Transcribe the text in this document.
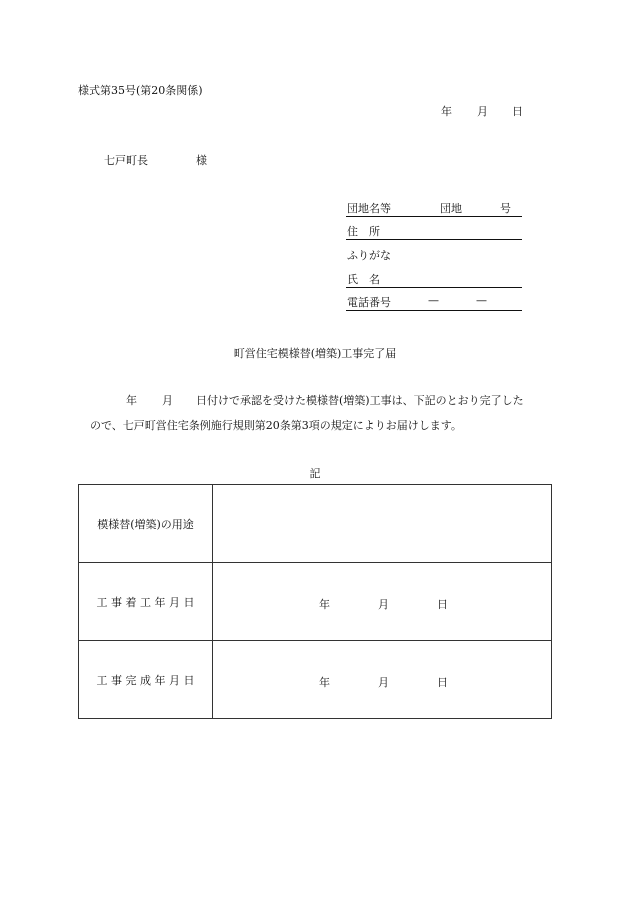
様式第35号(第20条関係)
年 月 日
七戸町長	様
団地名等	団地	号
住　所
ふりがな
氏　名
電話番号	—	—
町営住宅模様替(増築)工事完了届
年 月 日付けで承認を受けた模様替(増築)工事は、下記のとおり完了した
ので、七戸町営住宅条例施行規則第20条第3項の規定によりお届けします。
記
模様替(増築)の用途	
工 事 着 工 年 月 日	年 月 日

工 事 完 成 年 月 日	年 月 日
